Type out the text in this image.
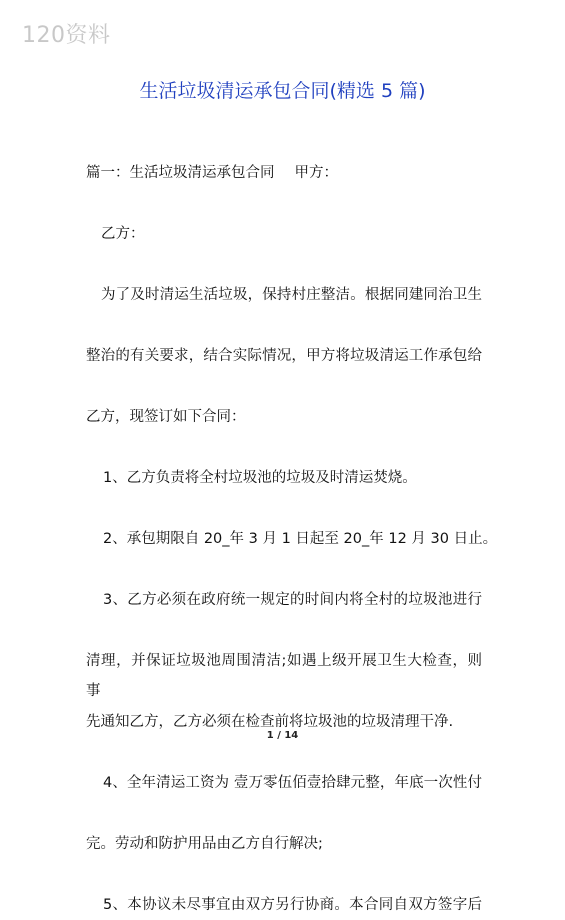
120资料
生活垃圾清运承包合同(精选 5 篇)
篇一：生活垃圾清运承包合同 甲方：
乙方：
为了及时清运生活垃圾，保持村庄整洁。根据同建同治卫生
整治的有关要求，结合实际情况，甲方将垃圾清运工作承包给
乙方，现签订如下合同：
1、乙方负责将全村垃圾池的垃圾及时清运焚烧。
2、承包期限自 20_年 3 月 1 日起至 20_年 12 月 30 日止。
3、乙方必须在政府统一规定的时间内将全村的垃圾池进行
清理，并保证垃圾池周围清洁;如遇上级开展卫生大检查，则事
先通知乙方，乙方必须在检查前将垃圾池的垃圾清理干净.
4、全年清运工资为 壹万零伍佰壹拾肆元整，年底一次性付
完。劳动和防护用品由乙方自行解决;
5、本协议未尽事宜由双方另行协商。本合同自双方签字后
1 / 14
